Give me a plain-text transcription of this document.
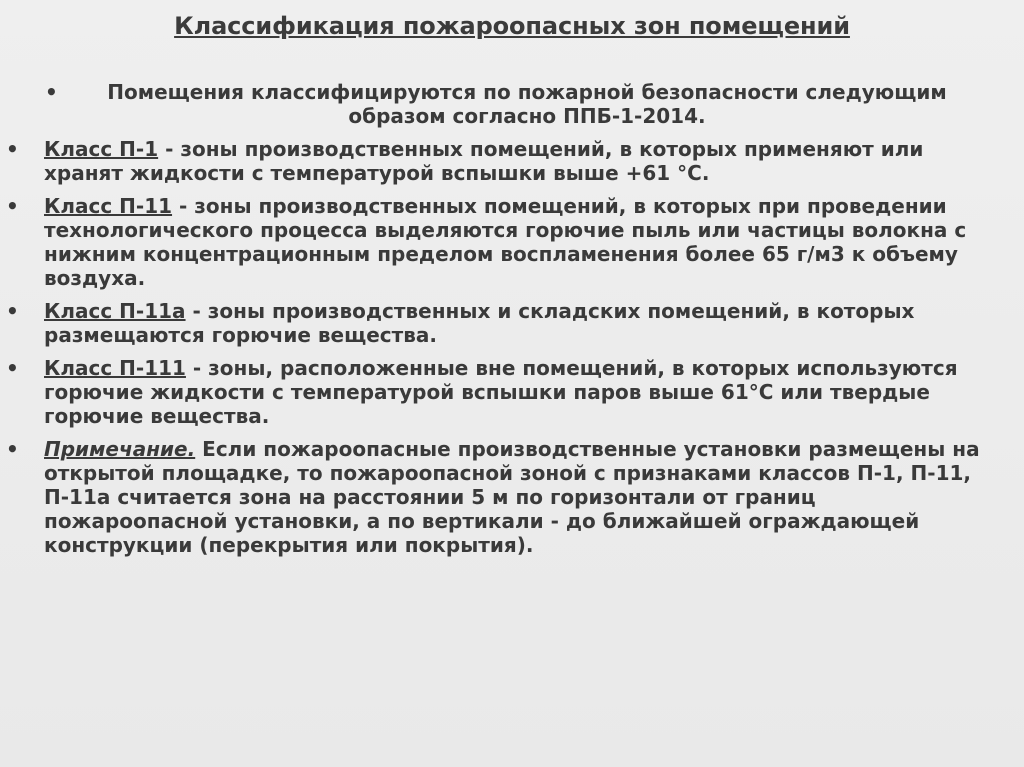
Классификация пожароопасных зон помещений
•	Помещения классифицируются по пожарной безопасности следующим образом согласно ППБ-1-2014.
•	Класс П-1 - зоны производственных помещений, в которых применяют или хранят жидкости с температурой вспышки выше +61 °С.
•	Класс П-11 - зоны производственных помещений, в которых при проведении технологического процесса выделяются горючие пыль или частицы волокна с нижним концентрационным пределом воспламенения более 65 г/м3 к объему воздуха.
•	Класс П-11а - зоны производственных и складских помещений, в которых размещаются горючие вещества.
•	Класс П-111 - зоны, расположенные вне помещений, в которых используются горючие жидкости с температурой вспышки паров выше 61°С или твердые горючие вещества.
•	Примечание. Если пожароопасные производственные установки размещены на открытой площадке, то пожароопасной зоной с признаками классов П-1, П-11, П-11а считается зона на расстоянии 5 м по горизонтали от границ пожароопасной установки, а по вертикали - до ближайшей ограждающей конструкции (перекрытия или покрытия).
